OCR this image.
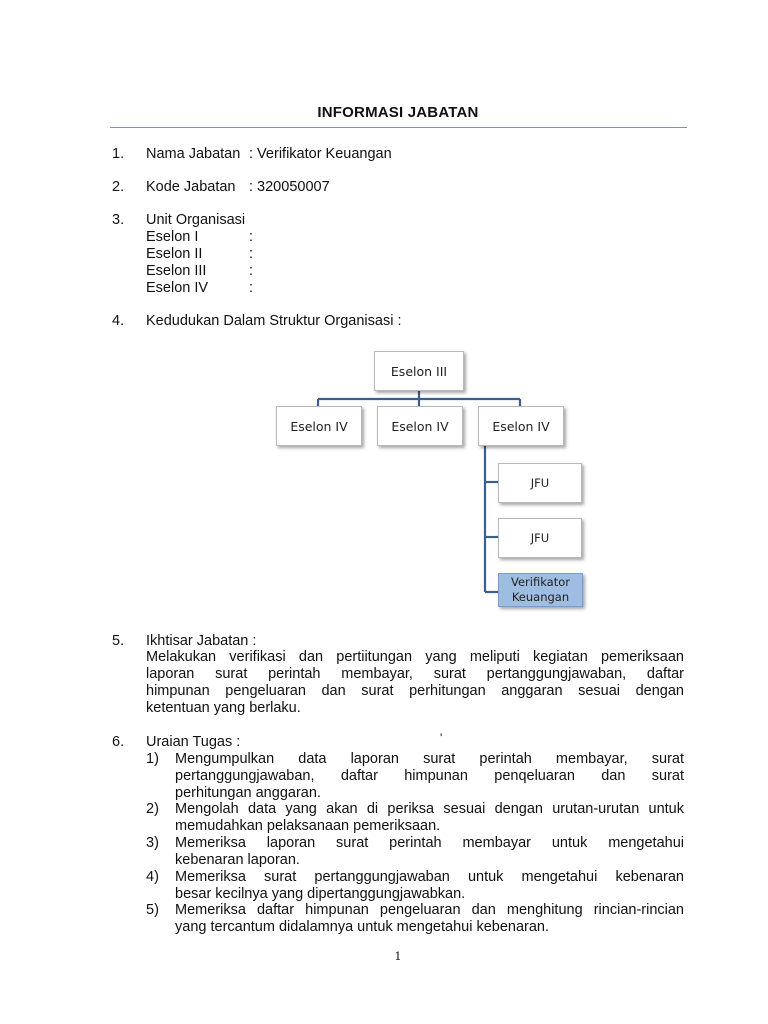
INFORMASI JABATAN
1. Nama Jabatan : Verifikator Keuangan
2. Kode Jabatan : 320050007
3. Unit Organisasi
Eselon I	:
Eselon II	:
Eselon III	:
Eselon IV	:
4. Kedudukan Dalam Struktur Organisasi :
Eselon III
Eselon IV	Eselon IV	Eselon IV
JFU
JFU
Verifikator Keuangan
5. Ikhtisar Jabatan :
Melakukan verifikasi dan pertiitungan yang meliputi kegiatan pemeriksaan
laporan surat perintah membayar, surat pertanggungjawaban, daftar
himpunan pengeluaran dan surat perhitungan anggaran sesuai dengan
ketentuan yang berlaku.
6. Uraian Tugas :	'
1) Mengumpulkan data laporan surat perintah membayar, surat
pertanggungjawaban, daftar himpunan penqeluaran dan surat
perhitungan anggaran.
2) Mengolah data yang akan di periksa sesuai dengan urutan-urutan untuk
memudahkan pelaksanaan pemeriksaan.
3) Memeriksa laporan surat perintah membayar untuk mengetahui
kebenaran laporan.
4) Memeriksa surat pertanggungjawaban untuk mengetahui kebenaran
besar kecilnya yang dipertanggungjawabkan.
5) Memeriksa daftar himpunan pengeluaran dan menghitung rincian-rincian
yang tercantum didalamnya untuk mengetahui kebenaran.
1
